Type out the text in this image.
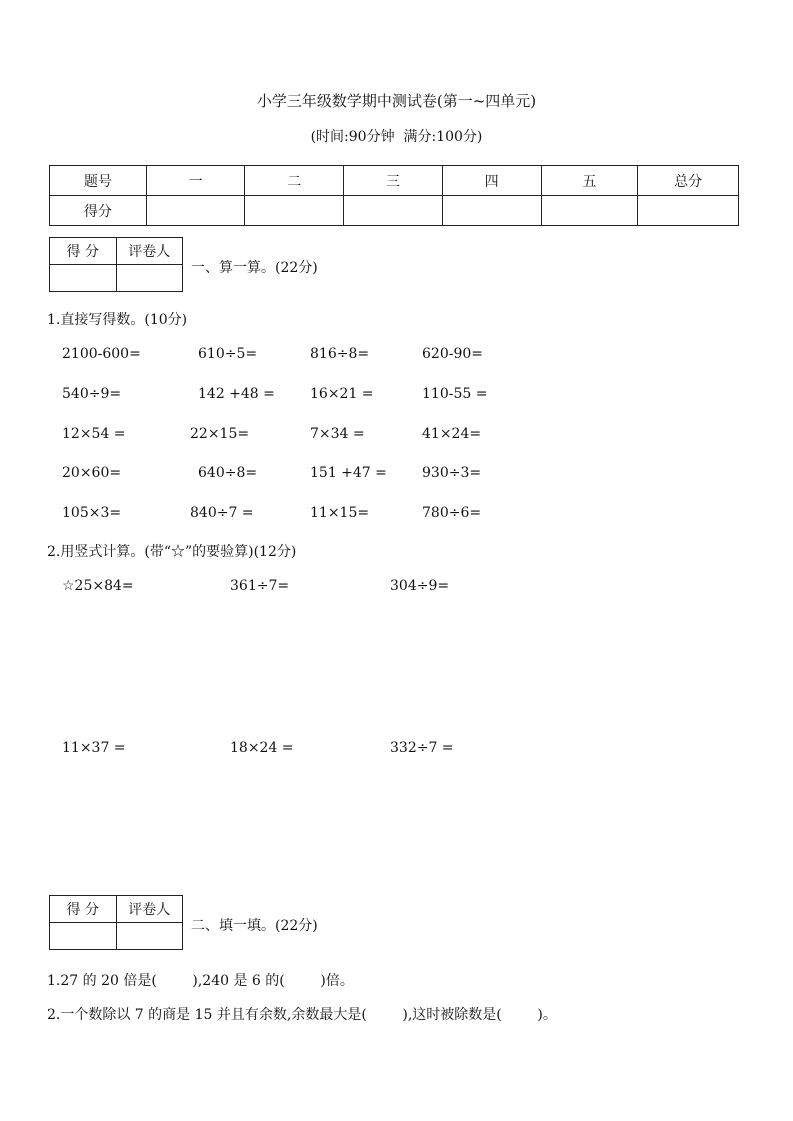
小学三年级数学期中测试卷(第一~四单元)
(时间:90分钟  满分:100分)
题号	一	二	三	四	五	总分
得分						
得 分	评卷人

一、算一算。(22分)
1.直接写得数。(10分)
2100-600=	610÷5=	816÷8=	620-90=
540÷9=	142 +48 =	16×21 =	110-55 =
12×54 =	22×15=	7×34 =	41×24=
20×60=	640÷8=	151 +47 =	930÷3=
105×3=	840÷7 =	11×15=	780÷6=
2.用竖式计算。(带“☆”的要验算)(12分)
☆25×84=	361÷7=	304÷9=
11×37 =	18×24 =	332÷7 =
得 分	评卷人

二、填一填。(22分)
1.27 的 20 倍是(        ),240 是 6 的(        )倍。
2.一个数除以 7 的商是 15 并且有余数,余数最大是(        ),这时被除数是(        )。
